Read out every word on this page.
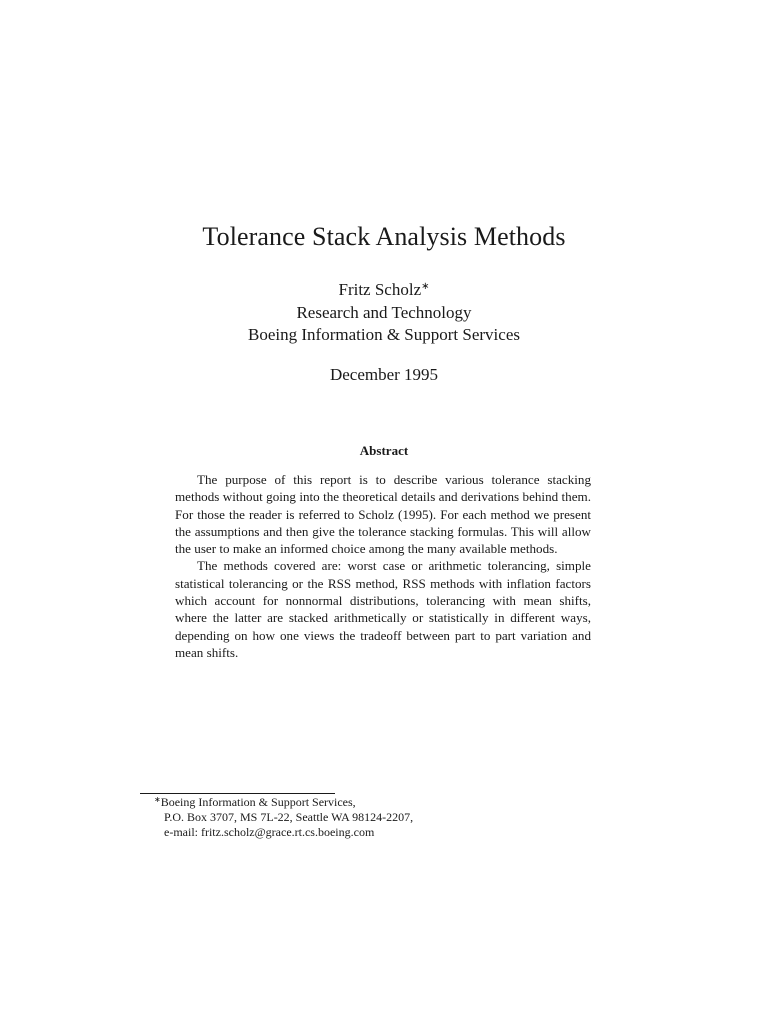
Tolerance Stack Analysis Methods
Fritz Scholz∗
Research and Technology
Boeing Information & Support Services
December 1995
Abstract

The purpose of this report is to describe various tolerance stacking methods without going into the theoretical details and derivations behind them. For those the reader is referred to Scholz (1995). For each method we present the assumptions and then give the tolerance stacking formulas. This will allow the user to make an informed choice among the many available methods.

The methods covered are: worst case or arithmetic tolerancing, simple statistical tolerancing or the RSS method, RSS methods with inflation factors which account for nonnormal distributions, tolerancing with mean shifts, where the latter are stacked arithmetically or statistically in different ways, depending on how one views the tradeoff between part to part variation and mean shifts.

∗Boeing Information & Support Services,
P.O. Box 3707, MS 7L-22, Seattle WA 98124-2207,
e-mail: fritz.scholz@grace.rt.cs.boeing.com
